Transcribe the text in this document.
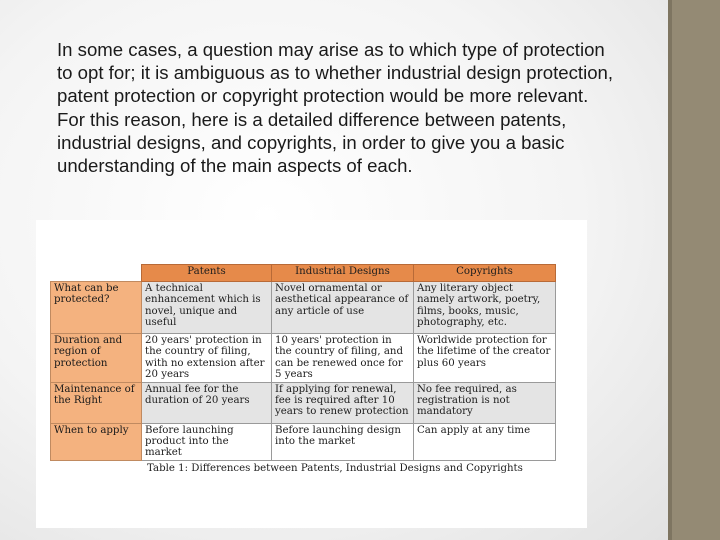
In some cases, a question may arise as to which type of protection to opt for; it is ambiguous as to whether industrial design protection, patent protection or copyright protection would be more relevant. For this reason, here is a detailed difference between patents, industrial designs, and copyrights, in order to give you a basic understanding of the main aspects of each.

	Patents	Industrial Designs	Copyrights
What can be protected?	A technical enhancement which is novel, unique and useful	Novel ornamental or aesthetical appearance of any article of use	Any literary object namely artwork, poetry, films, books, music, photography, etc.
Duration and region of protection	20 years' protection in the country of filing, with no extension after 20 years	10 years' protection in the country of filing, and can be renewed once for 5 years	Worldwide protection for the lifetime of the creator plus 60 years
Maintenance of the Right	Annual fee for the duration of 20 years	If applying for renewal, fee is required after 10 years to renew protection	No fee required, as registration is not mandatory
When to apply	Before launching product into the market	Before launching design into the market	Can apply at any time
Table 1: Differences between Patents, Industrial Designs and Copyrights
